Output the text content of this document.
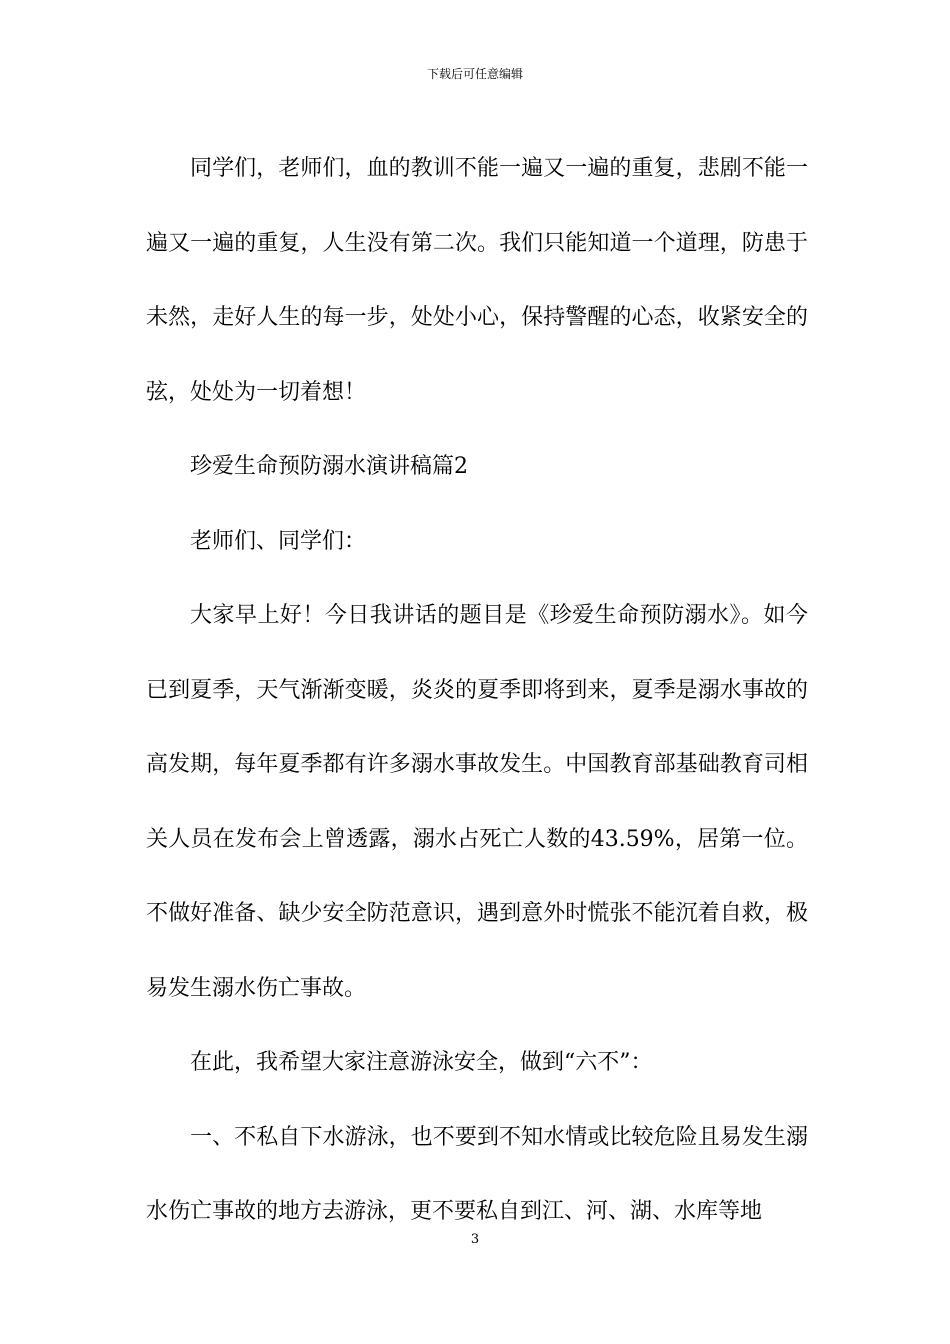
下载后可任意编辑

同学们，老师们，血的教训不能一遍又一遍的重复，悲剧不能一遍又一遍的重复，人生没有第二次。我们只能知道一个道理，防患于未然，走好人生的每一步，处处小心，保持警醒的心态，收紧安全的弦，处处为一切着想！

珍爱生命预防溺水演讲稿篇2

老师们、同学们：

大家早上好！今日我讲话的题目是《珍爱生命预防溺水》。如今已到夏季，天气渐渐变暖，炎炎的夏季即将到来，夏季是溺水事故的高发期，每年夏季都有许多溺水事故发生。中国教育部基础教育司相关人员在发布会上曾透露，溺水占死亡人数的43.59%，居第一位。不做好准备、缺少安全防范意识，遇到意外时慌张不能沉着自救，极易发生溺水伤亡事故。

在此，我希望大家注意游泳安全，做到“六不”：

一、不私自下水游泳，也不要到不知水情或比较危险且易发生溺水伤亡事故的地方去游泳，更不要私自到江、河、湖、水库等地

3
